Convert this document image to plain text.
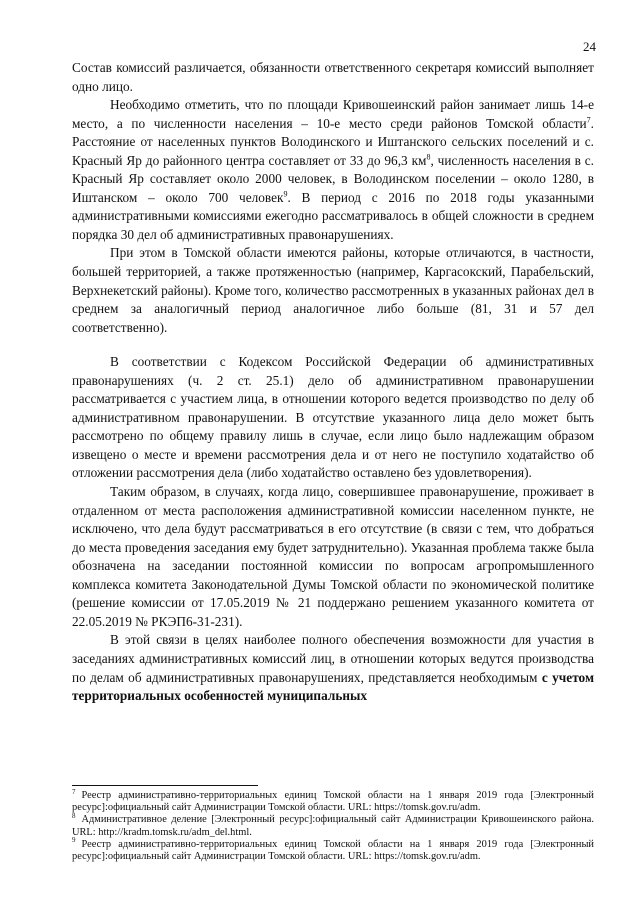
24

Состав комиссий различается, обязанности ответственного секретаря комиссий выполняет одно лицо.

Необходимо отметить, что по площади Кривошеинский район занимает лишь 14-е место, а по численности населения – 10-е место среди районов Томской области$^7$. Расстояние от населенных пунктов Володинского и Иштанского сельских поселений и с. Красный Яр до районного центра составляет от 33 до 96,3 $км^8$, численность населения в с. Красный Яр составляет около 2000 человек, в Володинском поселении – около 1280, в Иштанском – около 700 человек$^9$. В период с 2016 по 2018 годы указанными административными комиссиями ежегодно рассматривалось в общей сложности в среднем порядка 30 дел об административных правонарушениях.

При этом в Томской области имеются районы, которые отличаются, в частности, большей территорией, а также протяженностью (например, Каргасокский, Парабельский, Верхнекетский районы). Кроме того, количество рассмотренных в указанных районах дел в среднем за аналогичный период аналогичное либо больше (81, 31 и 57 дел соответственно).

В соответствии с Кодексом Российской Федерации об административных правонарушениях (ч. 2 ст. 25.1) дело об административном правонарушении рассматривается с участием лица, в отношении которого ведется производство по делу об административном правонарушении. В отсутствие указанного лица дело может быть рассмотрено по общему правилу лишь в случае, если лицо было надлежащим образом извещено о месте и времени рассмотрения дела и от него не поступило ходатайство об отложении рассмотрения дела (либо ходатайство оставлено без удовлетворения).

Таким образом, в случаях, когда лицо, совершившее правонарушение, проживает в отдаленном от места расположения административной комиссии населенном пункте, не исключено, что дела будут рассматриваться в его отсутствие (в связи с тем, что добраться до места проведения заседания ему будет затруднительно). Указанная проблема также была обозначена на заседании постоянной комиссии по вопросам агропромышленного комплекса комитета Законодательной Думы Томской области по экономической политике (решение комиссии от 17.05.2019 № 21 поддержано решением указанного комитета от 22.05.2019 № РКЭП6-31-231).

В этой связи в целях наиболее полного обеспечения возможности для участия в заседаниях административных комиссий лиц, в отношении которых ведутся производства по делам об административных правонарушениях, представляется необходимым с учетом территориальных особенностей муниципальных

$^7$ Реестр административно-территориальных единиц Томской области на 1 января 2019 года [Электронный ресурс]:официальный сайт Администрации Томской области. URL: https://tomsk.gov.ru/adm.

$^8$ Административное деление [Электронный ресурс]:официальный сайт Администрации Кривошеинского района. URL: http://kradm.tomsk.ru/adm_del.html.

$^9$ Реестр административно-территориальных единиц Томской области на 1 января 2019 года [Электронный ресурс]:официальный сайт Администрации Томской области. URL: https://tomsk.gov.ru/adm.
